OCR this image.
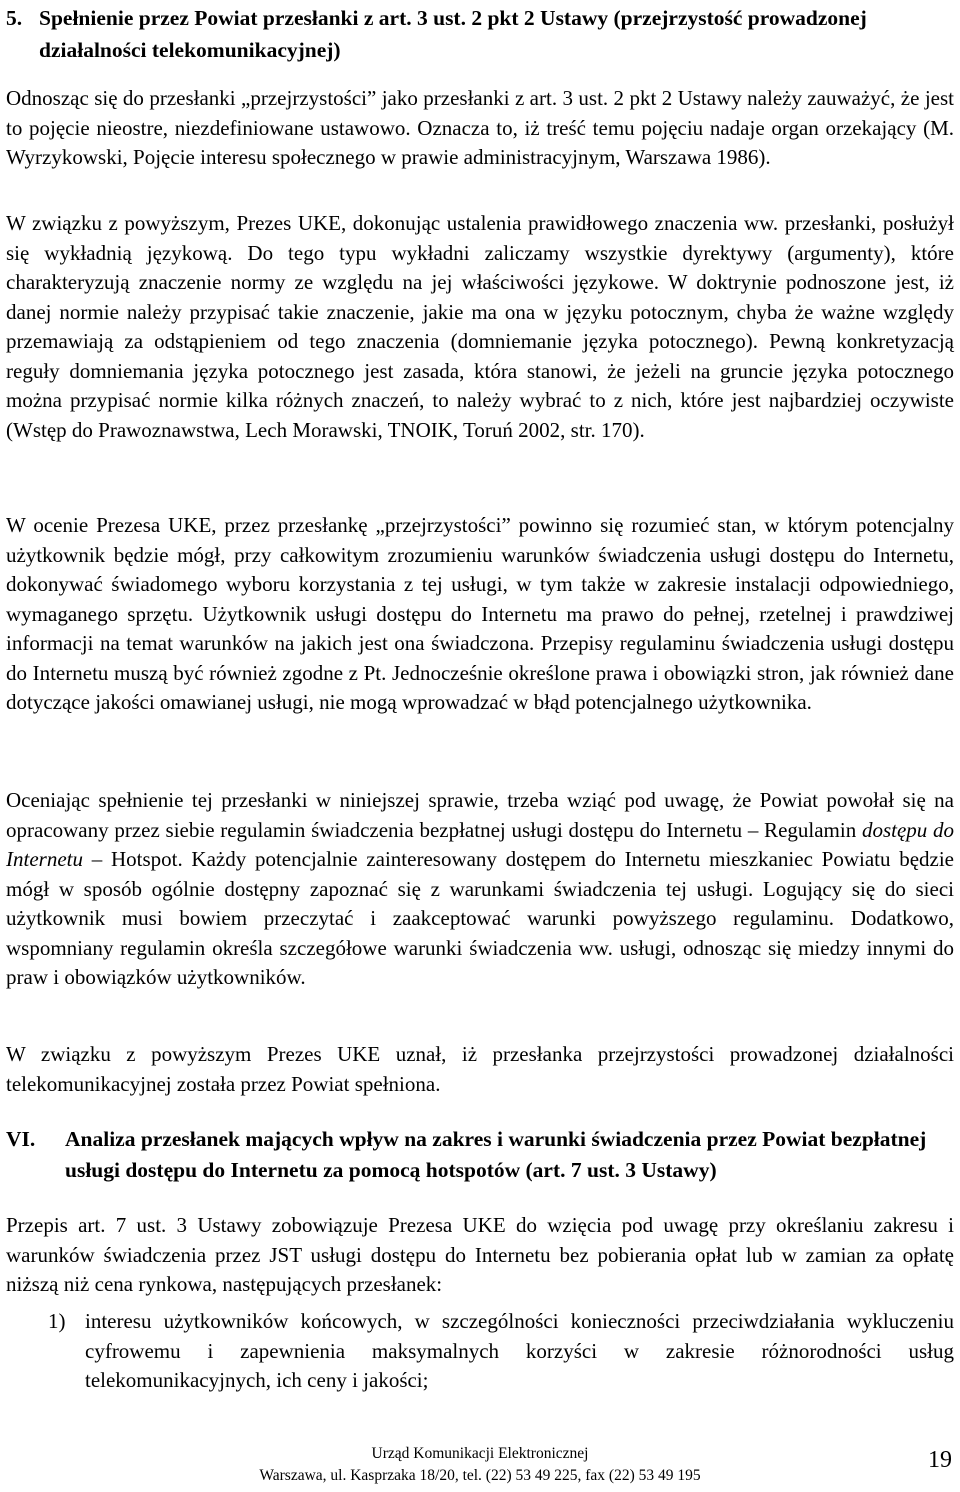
5. Spełnienie przez Powiat przesłanki z art. 3 ust. 2 pkt 2 Ustawy (przejrzystość prowadzonej działalności telekomunikacyjnej)
Odnosząc się do przesłanki „przejrzystości” jako przesłanki z art. 3 ust. 2 pkt 2 Ustawy należy zauważyć, że jest to pojęcie nieostre, niezdefiniowane ustawowo. Oznacza to, iż treść temu pojęciu nadaje organ orzekający (M. Wyrzykowski, Pojęcie interesu społecznego w prawie administracyjnym, Warszawa 1986).
W związku z powyższym, Prezes UKE, dokonując ustalenia prawidłowego znaczenia ww. przesłanki, posłużył się wykładnią językową. Do tego typu wykładni zaliczamy wszystkie dyrektywy (argumenty), które charakteryzują znaczenie normy ze względu na jej właściwości językowe. W doktrynie podnoszone jest, iż danej normie należy przypisać takie znaczenie, jakie ma ona w języku potocznym, chyba że ważne względy przemawiają za odstąpieniem od tego znaczenia (domniemanie języka potocznego). Pewną konkretyzacją reguły domniemania języka potocznego jest zasada, która stanowi, że jeżeli na gruncie języka potocznego można przypisać normie kilka różnych znaczeń, to należy wybrać to z nich, które jest najbardziej oczywiste (Wstęp do Prawoznawstwa, Lech Morawski, TNOIK, Toruń 2002, str. 170).
W ocenie Prezesa UKE, przez przesłankę „przejrzystości” powinno się rozumieć stan, w którym potencjalny użytkownik będzie mógł, przy całkowitym zrozumieniu warunków świadczenia usługi dostępu do Internetu, dokonywać świadomego wyboru korzystania z tej usługi, w tym także w zakresie instalacji odpowiedniego, wymaganego sprzętu. Użytkownik usługi dostępu do Internetu ma prawo do pełnej, rzetelnej i prawdziwej informacji na temat warunków na jakich jest ona świadczona. Przepisy regulaminu świadczenia usługi dostępu do Internetu muszą być również zgodne z Pt. Jednocześnie określone prawa i obowiązki stron, jak również dane dotyczące jakości omawianej usługi, nie mogą wprowadzać w błąd potencjalnego użytkownika.
Oceniając spełnienie tej przesłanki w niniejszej sprawie, trzeba wziąć pod uwagę, że Powiat powołał się na opracowany przez siebie regulamin świadczenia bezpłatnej usługi dostępu do Internetu – Regulamin dostępu do Internetu – Hotspot. Każdy potencjalnie zainteresowany dostępem do Internetu mieszkaniec Powiatu będzie mógł w sposób ogólnie dostępny zapoznać się z warunkami świadczenia tej usługi. Logujący się do sieci użytkownik musi bowiem przeczytać i zaakceptować warunki powyższego regulaminu. Dodatkowo, wspomniany regulamin określa szczegółowe warunki świadczenia ww. usługi, odnosząc się miedzy innymi do praw i obowiązków użytkowników.
W związku z powyższym Prezes UKE uznał, iż przesłanka przejrzystości prowadzonej działalności telekomunikacyjnej została przez Powiat spełniona.
VI.	Analiza przesłanek mających wpływ na zakres i warunki świadczenia przez Powiat bezpłatnej usługi dostępu do Internetu za pomocą hotspotów (art. 7 ust. 3 Ustawy)
Przepis art. 7 ust. 3 Ustawy zobowiązuje Prezesa UKE do wzięcia pod uwagę przy określaniu zakresu i warunków świadczenia przez JST usługi dostępu do Internetu bez pobierania opłat lub w zamian za opłatę niższą niż cena rynkowa, następujących przesłanek:
1) interesu użytkowników końcowych, w szczególności konieczności przeciwdziałania wykluczeniu cyfrowemu i zapewnienia maksymalnych korzyści w zakresie różnorodności usług telekomunikacyjnych, ich ceny i jakości;
Urząd Komunikacji Elektronicznej
Warszawa, ul. Kasprzaka 18/20, tel. (22) 53 49 225, fax (22) 53 49 195
19
